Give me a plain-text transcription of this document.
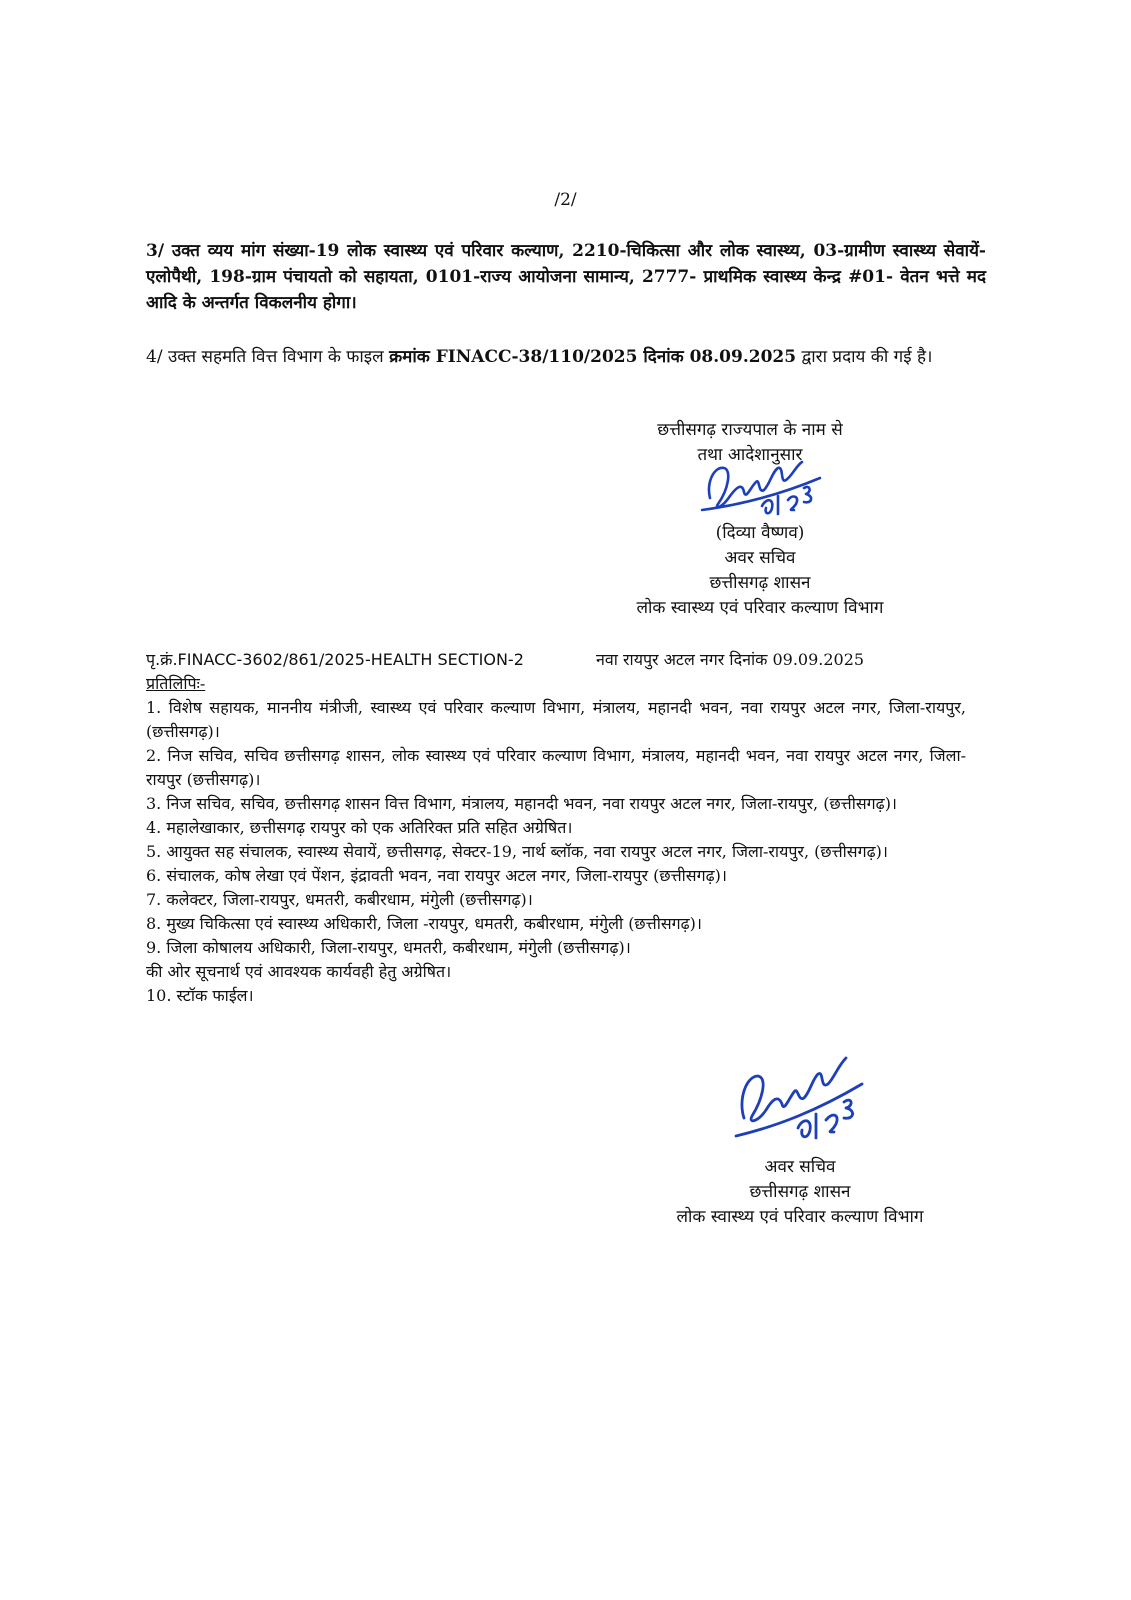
/2/
3/ उक्त व्यय मांग संख्या-19 लोक स्वास्थ्य एवं परिवार कल्याण, 2210-चिकित्सा और लोक स्वास्थ्य, 03-ग्रामीण स्वास्थ्य सेवायें-एलोपैथी, 198-ग्राम पंचायतो को सहायता, 0101-राज्य आयोजना सामान्य, 2777- प्राथमिक स्वास्थ्य केन्द्र #01- वेतन भत्ते मद आदि के अन्तर्गत विकलनीय होगा।
4/ उक्त सहमति वित्त विभाग के फाइल क्रमांक FINACC-38/110/2025 दिनांक 08.09.2025 द्वारा प्रदाय की गई है।
छत्तीसगढ़ राज्यपाल के नाम से
तथा आदेशानुसार
(दिव्या वैष्णव)
अवर सचिव
छत्तीसगढ़ शासन
लोक स्वास्थ्य एवं परिवार कल्याण विभाग
पृ.क्रं.FINACC-3602/861/2025-HEALTH SECTION-2	नवा रायपुर अटल नगर दिनांक 09.09.2025
प्रतिलिपिः-

1. विशेष सहायक, माननीय मंत्रीजी, स्वास्थ्य एवं परिवार कल्याण विभाग, मंत्रालय, महानदी भवन, नवा रायपुर अटल नगर, जिला-रायपुर, (छत्तीसगढ़)।

2. निज सचिव, सचिव छत्तीसगढ़ शासन, लोक स्वास्थ्य एवं परिवार कल्याण विभाग, मंत्रालय, महानदी भवन, नवा रायपुर अटल नगर, जिला-रायपुर (छत्तीसगढ़)।

3. निज सचिव, सचिव, छत्तीसगढ़ शासन वित्त विभाग, मंत्रालय, महानदी भवन, नवा रायपुर अटल नगर, जिला-रायपुर, (छत्तीसगढ़)।

4. महालेखाकार, छत्तीसगढ़ रायपुर को एक अतिरिक्त प्रति सहित अग्रेषित।

5. आयुक्त सह संचालक, स्वास्थ्य सेवायें, छत्तीसगढ़, सेक्टर-19, नार्थ ब्लॉक, नवा रायपुर अटल नगर, जिला-रायपुर, (छत्तीसगढ़)।

6. संचालक, कोष लेखा एवं पेंशन, इंद्रावती भवन, नवा रायपुर अटल नगर, जिला-रायपुर (छत्तीसगढ़)।

7. कलेक्टर, जिला-रायपुर, धमतरी, कबीरधाम, मंगेुली (छत्तीसगढ़)।

8. मुख्य चिकित्सा एवं स्वास्थ्य अधिकारी, जिला -रायपुर, धमतरी, कबीरधाम, मंगेुली (छत्तीसगढ़)।

9. जिला कोषालय अधिकारी, जिला-रायपुर, धमतरी, कबीरधाम, मंगेुली (छत्तीसगढ़)।

की ओर सूचनार्थ एवं आवश्यक कार्यवही हेतु अग्रेषित।

10. स्टॉक फाईल।

अवर सचिव
छत्तीसगढ़ शासन
लोक स्वास्थ्य एवं परिवार कल्याण विभाग
